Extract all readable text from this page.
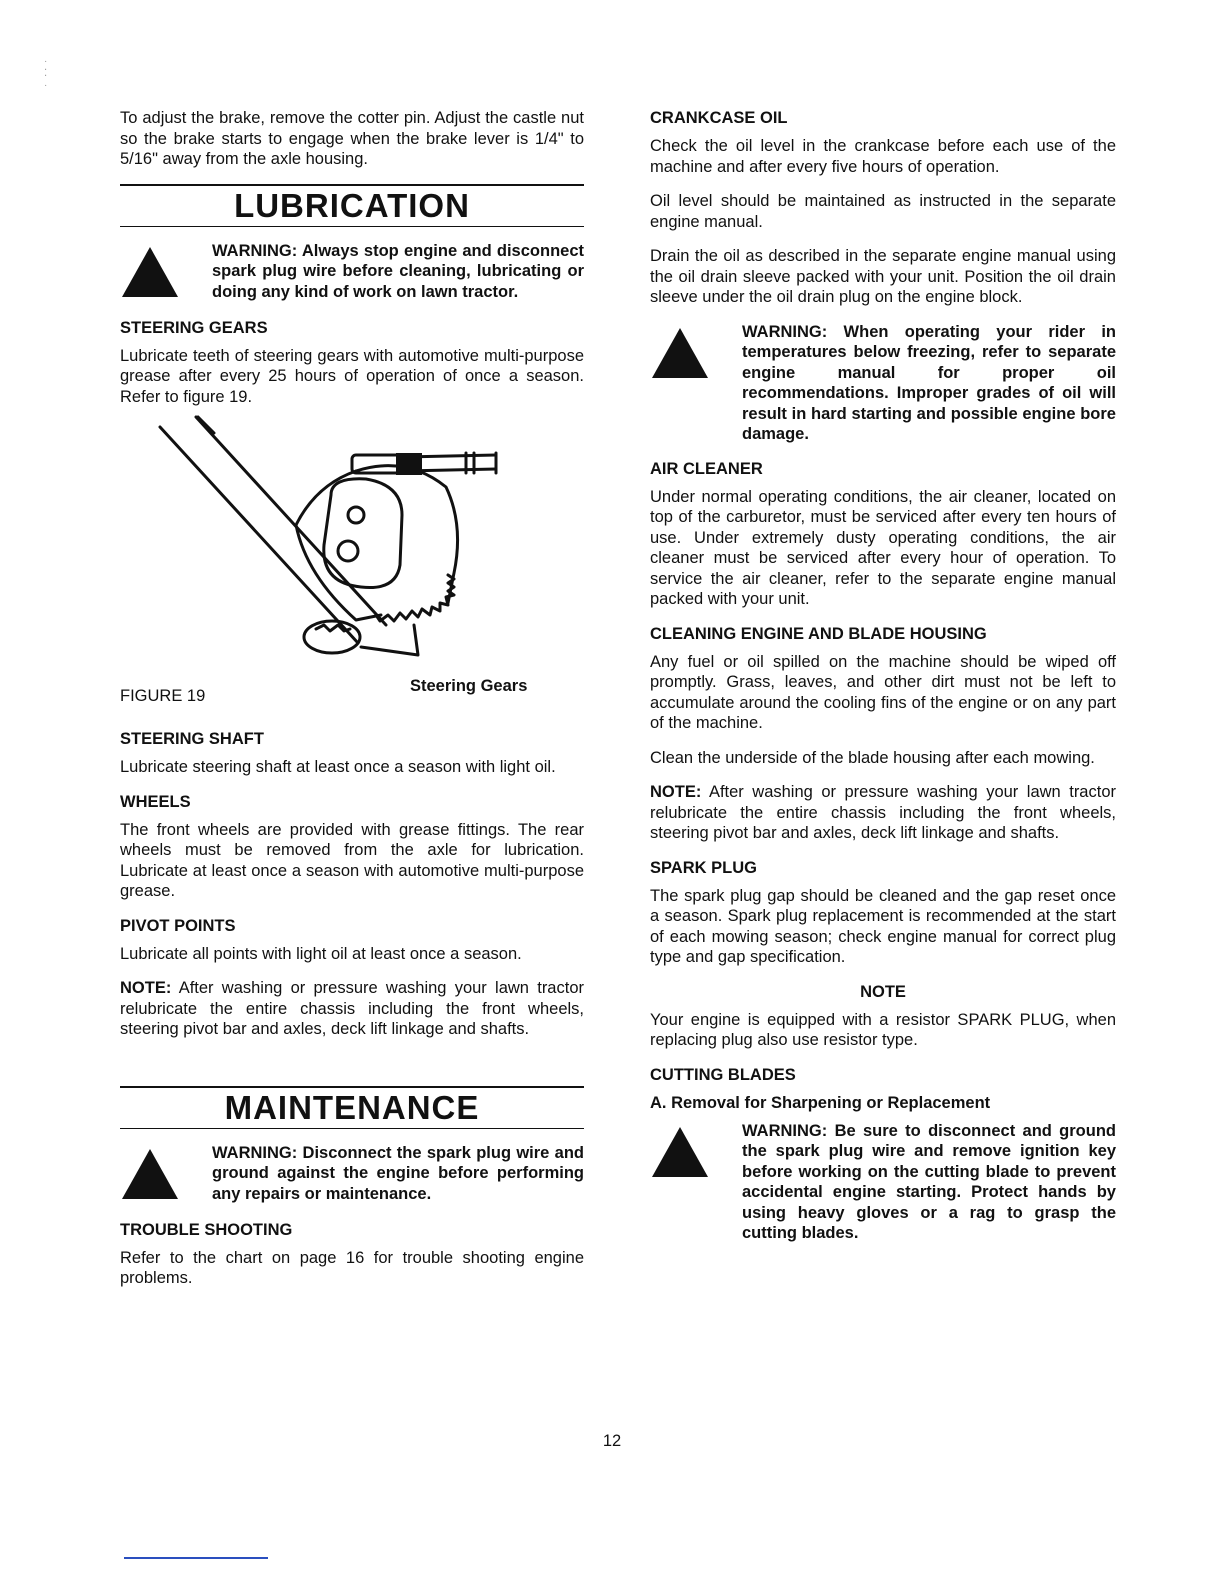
·
⁚
·

To adjust the brake, remove the cotter pin. Adjust the castle nut so the brake starts to engage when the brake lever is 1/4" to 5/16" away from the axle housing.

LUBRICATION
WARNING: Always stop engine and disconnect spark plug wire before cleaning, lubricating or doing any kind of work on lawn tractor.
STEERING GEARS

Lubricate teeth of steering gears with automotive multi-purpose grease after every 25 hours of operation of once a season. Refer to figure 19.

Steering Gears
FIGURE 19
STEERING SHAFT

Lubricate steering shaft at least once a season with light oil.

WHEELS

The front wheels are provided with grease fittings. The rear wheels must be removed from the axle for lubrication. Lubricate at least once a season with automotive multi-purpose grease.

PIVOT POINTS

Lubricate all points with light oil at least once a season.

NOTE: After washing or pressure washing your lawn tractor relubricate the entire chassis including the front wheels, steering pivot bar and axles, deck lift linkage and shafts.

MAINTENANCE
WARNING: Disconnect the spark plug wire and ground against the engine before performing any repairs or maintenance.
TROUBLE SHOOTING

Refer to the chart on page 16 for trouble shooting engine problems.

CRANKCASE OIL

Check the oil level in the crankcase before each use of the machine and after every five hours of operation.

Oil level should be maintained as instructed in the separate engine manual.

Drain the oil as described in the separate engine manual using the oil drain sleeve packed with your unit. Position the oil drain sleeve under the oil drain plug on the engine block.

WARNING: When operating your rider in temperatures below freezing, refer to separate engine manual for proper oil recommendations. Improper grades of oil will result in hard starting and possible engine bore damage.
AIR CLEANER

Under normal operating conditions, the air cleaner, located on top of the carburetor, must be serviced after every ten hours of use. Under extremely dusty operating conditions, the air cleaner must be serviced after every hour of operation. To service the air cleaner, refer to the separate engine manual packed with your unit.

CLEANING ENGINE AND BLADE HOUSING

Any fuel or oil spilled on the machine should be wiped off promptly. Grass, leaves, and other dirt must not be left to accumulate around the cooling fins of the engine or on any part of the machine.

Clean the underside of the blade housing after each mowing.

NOTE: After washing or pressure washing your lawn tractor relubricate the entire chassis including the front wheels, steering pivot bar and axles, deck lift linkage and shafts.

SPARK PLUG

The spark plug gap should be cleaned and the gap reset once a season. Spark plug replacement is recommended at the start of each mowing season; check engine manual for correct plug type and gap specification.

NOTE

Your engine is equipped with a resistor SPARK PLUG, when replacing plug also use resistor type.

CUTTING BLADES
A. Removal for Sharpening or Replacement
WARNING: Be sure to disconnect and ground the spark plug wire and remove ignition key before working on the cutting blade to prevent accidental engine starting. Protect hands by using heavy gloves or a rag to grasp the cutting blades.
12
